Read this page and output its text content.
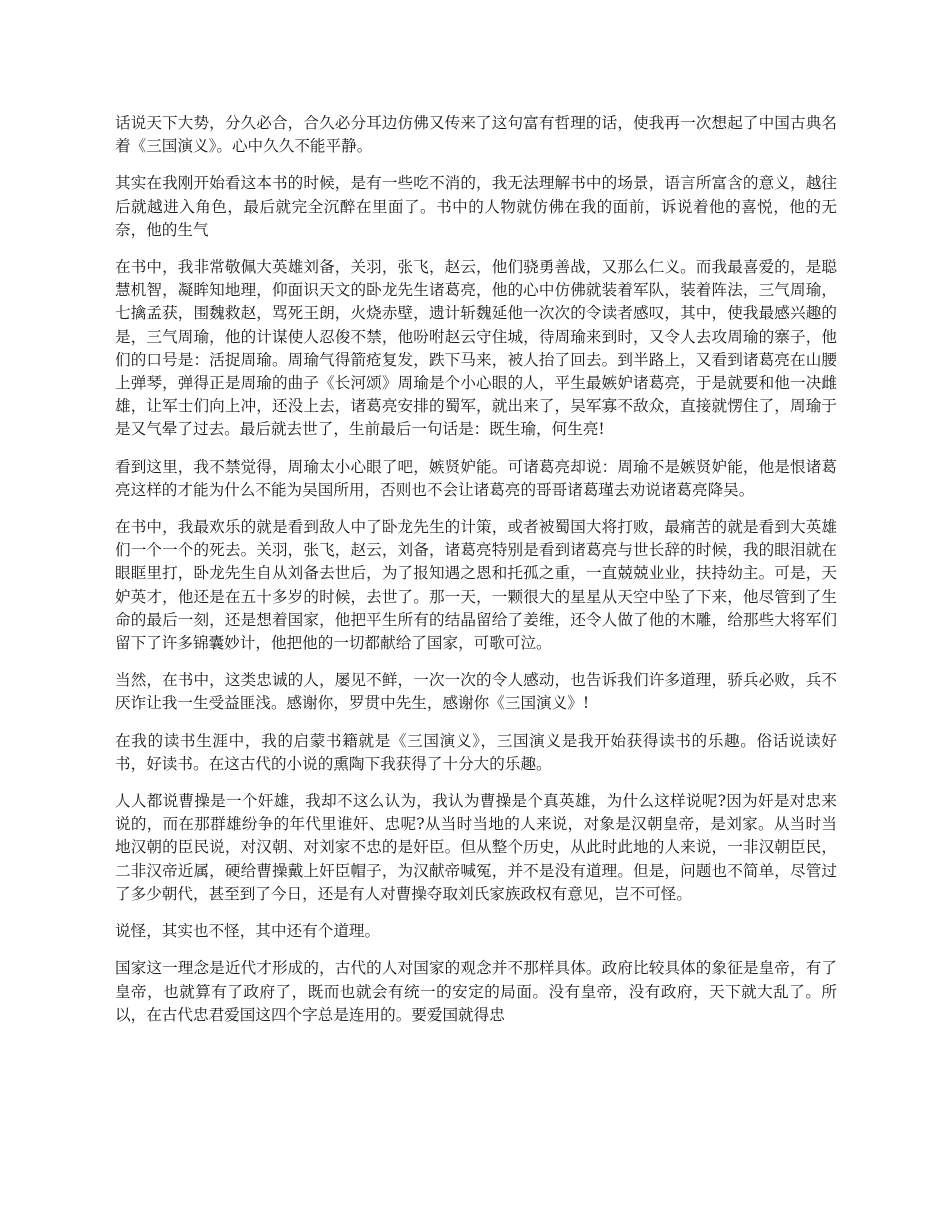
话说天下大势，分久必合，合久必分耳边仿佛又传来了这句富有哲理的话，使我再一次想起了中国古典名着《三国演义》。心中久久不能平静。

其实在我刚开始看这本书的时候，是有一些吃不消的，我无法理解书中的场景，语言所富含的意义，越往后就越进入角色，最后就完全沉醉在里面了。书中的人物就仿佛在我的面前，诉说着他的喜悦，他的无奈，他的生气

在书中，我非常敬佩大英雄刘备，关羽，张飞，赵云，他们骁勇善战，又那么仁义。而我最喜爱的，是聪慧机智，凝眸知地理，仰面识天文的卧龙先生诸葛亮，他的心中仿佛就装着军队，装着阵法，三气周瑜，七擒孟获，围魏救赵，骂死王朗，火烧赤壁，遗计斩魏延他一次次的令读者感叹，其中，使我最感兴趣的是，三气周瑜，他的计谋使人忍俊不禁，他吩咐赵云守住城，待周瑜来到时，又令人去攻周瑜的寨子，他们的口号是：活捉周瑜。周瑜气得箭疮复发，跌下马来，被人抬了回去。到半路上，又看到诸葛亮在山腰上弹琴，弹得正是周瑜的曲子《长河颂》周瑜是个小心眼的人，平生最嫉妒诸葛亮，于是就要和他一决雌雄，让军士们向上冲，还没上去，诸葛亮安排的蜀军，就出来了，吴军寡不敌众，直接就愣住了，周瑜于是又气晕了过去。最后就去世了，生前最后一句话是：既生瑜，何生亮!

看到这里，我不禁觉得，周瑜太小心眼了吧，嫉贤妒能。可诸葛亮却说：周瑜不是嫉贤妒能，他是恨诸葛亮这样的才能为什么不能为吴国所用，否则也不会让诸葛亮的哥哥诸葛瑾去劝说诸葛亮降吴。

在书中，我最欢乐的就是看到敌人中了卧龙先生的计策，或者被蜀国大将打败，最痛苦的就是看到大英雄们一个一个的死去。关羽，张飞，赵云，刘备，诸葛亮特别是看到诸葛亮与世长辞的时候，我的眼泪就在眼眶里打，卧龙先生自从刘备去世后，为了报知遇之恩和托孤之重，一直兢兢业业，扶持幼主。可是，天妒英才，他还是在五十多岁的时候，去世了。那一天，一颗很大的星星从天空中坠了下来，他尽管到了生命的最后一刻，还是想着国家，他把平生所有的结晶留给了姜维，还令人做了他的木雕，给那些大将军们留下了许多锦囊妙计，他把他的一切都献给了国家，可歌可泣。

当然，在书中，这类忠诚的人，屡见不鲜，一次一次的令人感动，也告诉我们许多道理，骄兵必败，兵不厌诈让我一生受益匪浅。感谢你，罗贯中先生，感谢你《三国演义》!

在我的读书生涯中，我的启蒙书籍就是《三国演义》，三国演义是我开始获得读书的乐趣。俗话说读好书，好读书。在这古代的小说的熏陶下我获得了十分大的乐趣。

人人都说曹操是一个奸雄，我却不这么认为，我认为曹操是个真英雄，为什么这样说呢?因为奸是对忠来说的，而在那群雄纷争的年代里谁奸、忠呢?从当时当地的人来说，对象是汉朝皇帝，是刘家。从当时当地汉朝的臣民说，对汉朝、对刘家不忠的是奸臣。但从整个历史，从此时此地的人来说，一非汉朝臣民，二非汉帝近属，硬给曹操戴上奸臣帽子，为汉献帝喊冤，并不是没有道理。但是，问题也不简单，尽管过了多少朝代，甚至到了今日，还是有人对曹操夺取刘氏家族政权有意见，岂不可怪。

说怪，其实也不怪，其中还有个道理。

国家这一理念是近代才形成的，古代的人对国家的观念并不那样具体。政府比较具体的象征是皇帝，有了皇帝，也就算有了政府了，既而也就会有统一的安定的局面。没有皇帝，没有政府，天下就大乱了。所以，在古代忠君爱国这四个字总是连用的。要爱国就得忠
